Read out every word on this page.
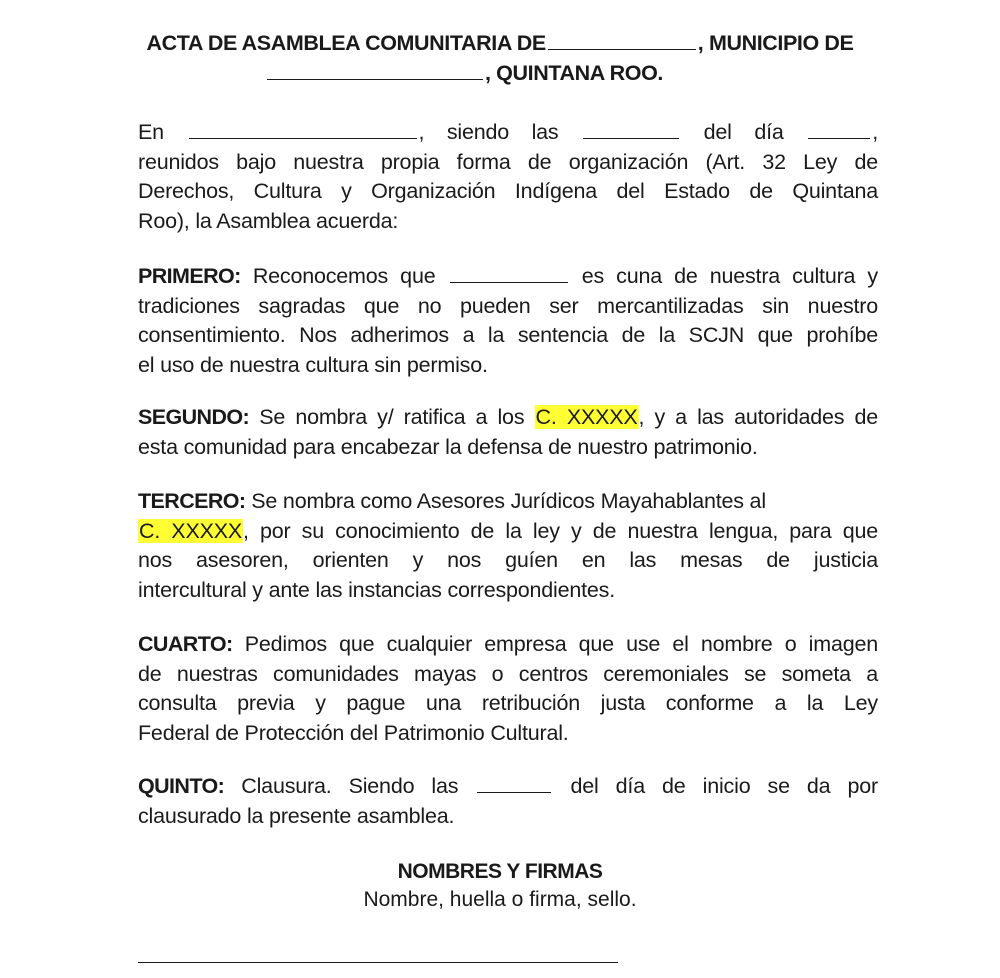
ACTA DE ASAMBLEA COMUNITARIA DE	, MUNICIPIO DE
, QUINTANA ROO.
En	, siendo las	del día	,
reunidos bajo nuestra propia forma de organización (Art. 32 Ley de
Derechos, Cultura y Organización Indígena del Estado de Quintana
Roo), la Asamblea acuerda:
PRIMERO: Reconocemos que	es cuna de nuestra cultura y
tradiciones sagradas que no pueden ser mercantilizadas sin nuestro
consentimiento. Nos adherimos a la sentencia de la SCJN que prohíbe
el uso de nuestra cultura sin permiso.
SEGUNDO: Se nombra y/ ratifica a los C. XXXXX, y a las autoridades de
esta comunidad para encabezar la defensa de nuestro patrimonio.
TERCERO: Se nombra como Asesores Jurídicos Mayahablantes al
C. XXXXX, por su conocimiento de la ley y de nuestra lengua, para que
nos asesoren, orienten y nos guíen en las mesas de justicia
intercultural y ante las instancias correspondientes.
CUARTO: Pedimos que cualquier empresa que use el nombre o imagen
de nuestras comunidades mayas o centros ceremoniales se someta a
consulta previa y pague una retribución justa conforme a la Ley
Federal de Protección del Patrimonio Cultural.
QUINTO: Clausura. Siendo las	del día de inicio se da por
clausurado la presente asamblea.
NOMBRES Y FIRMAS
Nombre, huella o firma, sello.
